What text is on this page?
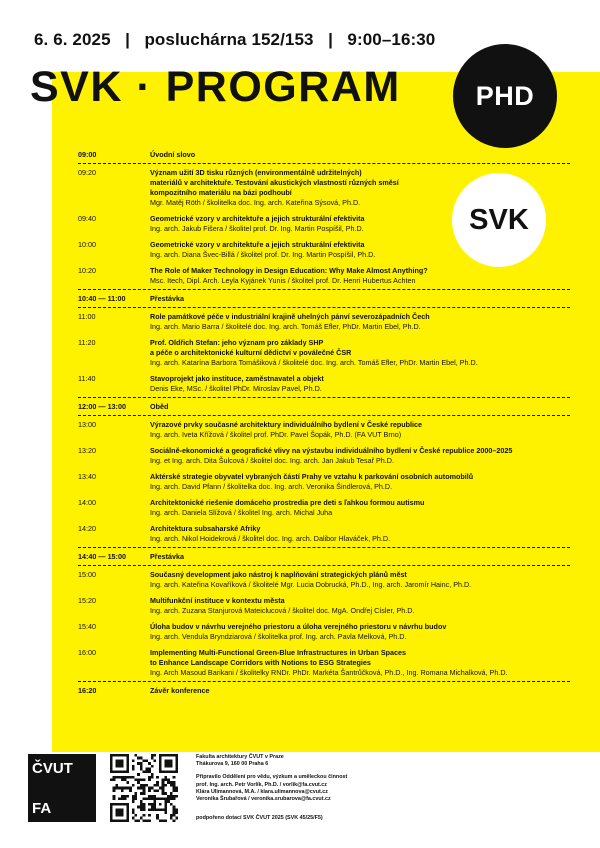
6. 6. 2025   |   posluchárna 152/153   |   9:00–16:30
SVK · PROGRAM	PHD
SVK
09:00	Úvodní slovo
09:20	Význam užití 3D tisku různých (environmentálně udržitelných)
materiálů v architektuře. Testování akustických vlastností různých směsí
kompozitního materiálu na bázi podhoubí
Mgr. Matěj Röth / školitelka doc. Ing. arch. Kateřina Sýsová, Ph.D.
09:40	Geometrické vzory v architektuře a jejich strukturální efektivita
Ing. arch. Jakub Fišera / školitel prof. Dr. Ing. Martin Pospíšil, Ph.D.
10:00	Geometrické vzory v architektuře a jejich strukturální efektivita
Ing. arch. Diana Švec-Billá / školitel prof. Dr. Ing. Martin Pospíšil, Ph.D.
10:20	The Role of Maker Technology in Design Education: Why Make Almost Anything?
Msc. Itech, Dipl. Arch. Leyla Kyjánek Yunis / školitel prof. Dr. Henri Hubertus Achten
10:40 — 11:00	Přestávka
11:00	Role památkové péče v industriální krajině uhelných pánví severozápadních Čech
Ing. arch. Mario Barra / školitelé doc. Ing. arch. Tomáš Efler, PhDr. Martin Ebel, Ph.D.
11:20	Prof. Oldřich Stefan: jeho význam pro základy SHP
a péče o architektonické kulturní dědictví v poválečné ČSR
Ing. arch. Katarína Barbora Tomášiková / školitelé doc. Ing. arch. Tomáš Efler, PhDr. Martin Ebel, Ph.D.
11:40	Stavoprojekt jako instituce, zaměstnavatel a objekt
Denis Eke, MSc. / školitel PhDr. Miroslav Pavel, Ph.D.
12:00 — 13:00	Oběd
13:00	Výrazové prvky současné architektury individuálního bydlení v České republice
Ing. arch. Iveta Křížová / školitel prof. PhDr. Pavel Šopák, Ph.D. (FA VUT Brno)
13:20	Sociálně-ekonomické a geografické vlivy na výstavbu individuálního bydlení v České republice 2000–2025
Ing. et Ing. arch. Dita Šulcová / školitel doc. Ing. arch. Jan Jakub Tesař Ph.D.
13:40	Aktérské strategie obyvatel vybraných částí Prahy ve vztahu k parkování osobních automobilů
Ing. arch. David Pfann / školitelka doc. Ing. arch. Veronika Šindlerová, Ph.D.
14:00	Architektonické riešenie domáceho prostredia pre deti s ľahkou formou autismu
Ing. arch. Daniela Slížová / školitel Ing. arch. Michal Juha
14:20	Architektura subsaharské Afriky
Ing. arch. Nikol Hoidekrová / školitel doc. Ing. arch. Dalibor Hlaváček, Ph.D.
14:40 — 15:00	Přestávka
15:00	Současný development jako nástroj k naplňování strategických plánů měst
Ing. arch. Kateřina Kovaříková / školitelé Mgr. Lucia Dobrucká, Ph.D., Ing. arch. Jaromír Hainc, Ph.D.
15:20	Multifunkční instituce v kontextu města
Ing. arch. Zuzana Stanjurová Mateiclucová / školitel doc. MgA. Ondřej Císler, Ph.D.
15:40	Úloha budov v návrhu verejného priestoru a úloha verejného priestoru v návrhu budov
Ing. arch. Vendula Bryndziarová / školitelka prof. Ing. arch. Pavla Melková, Ph.D.
16:00	Implementing Multi-Functional Green-Blue Infrastructures in Urban Spaces
to Enhance Landscape Corridors with Notions to ESG Strategies
Ing. Arch Masoud Barikani / školitelky RNDr. PhDr. Markéta Šantrůčková, Ph.D., Ing. Romana Michalková, Ph.D.
16:20	Závěr konference
ČVUT
FA
Fakulta architektury ČVUT v Praze
Thákurova 9, 160 00 Praha 6
Připravilo Oddělení pro vědu, výzkum a uměleckou činnost
prof. Ing. arch. Petr Vorlík, Ph.D. / vorlik@fa.cvut.cz
Klára Ulimannová, M.A. / klara.ulimannova@cvut.cz
Veronika Šrubařová / veronika.srubarova@fa.cvut.cz
podpořeno dotací SVK ČVUT 2025 (SVK 45/25/F5)
